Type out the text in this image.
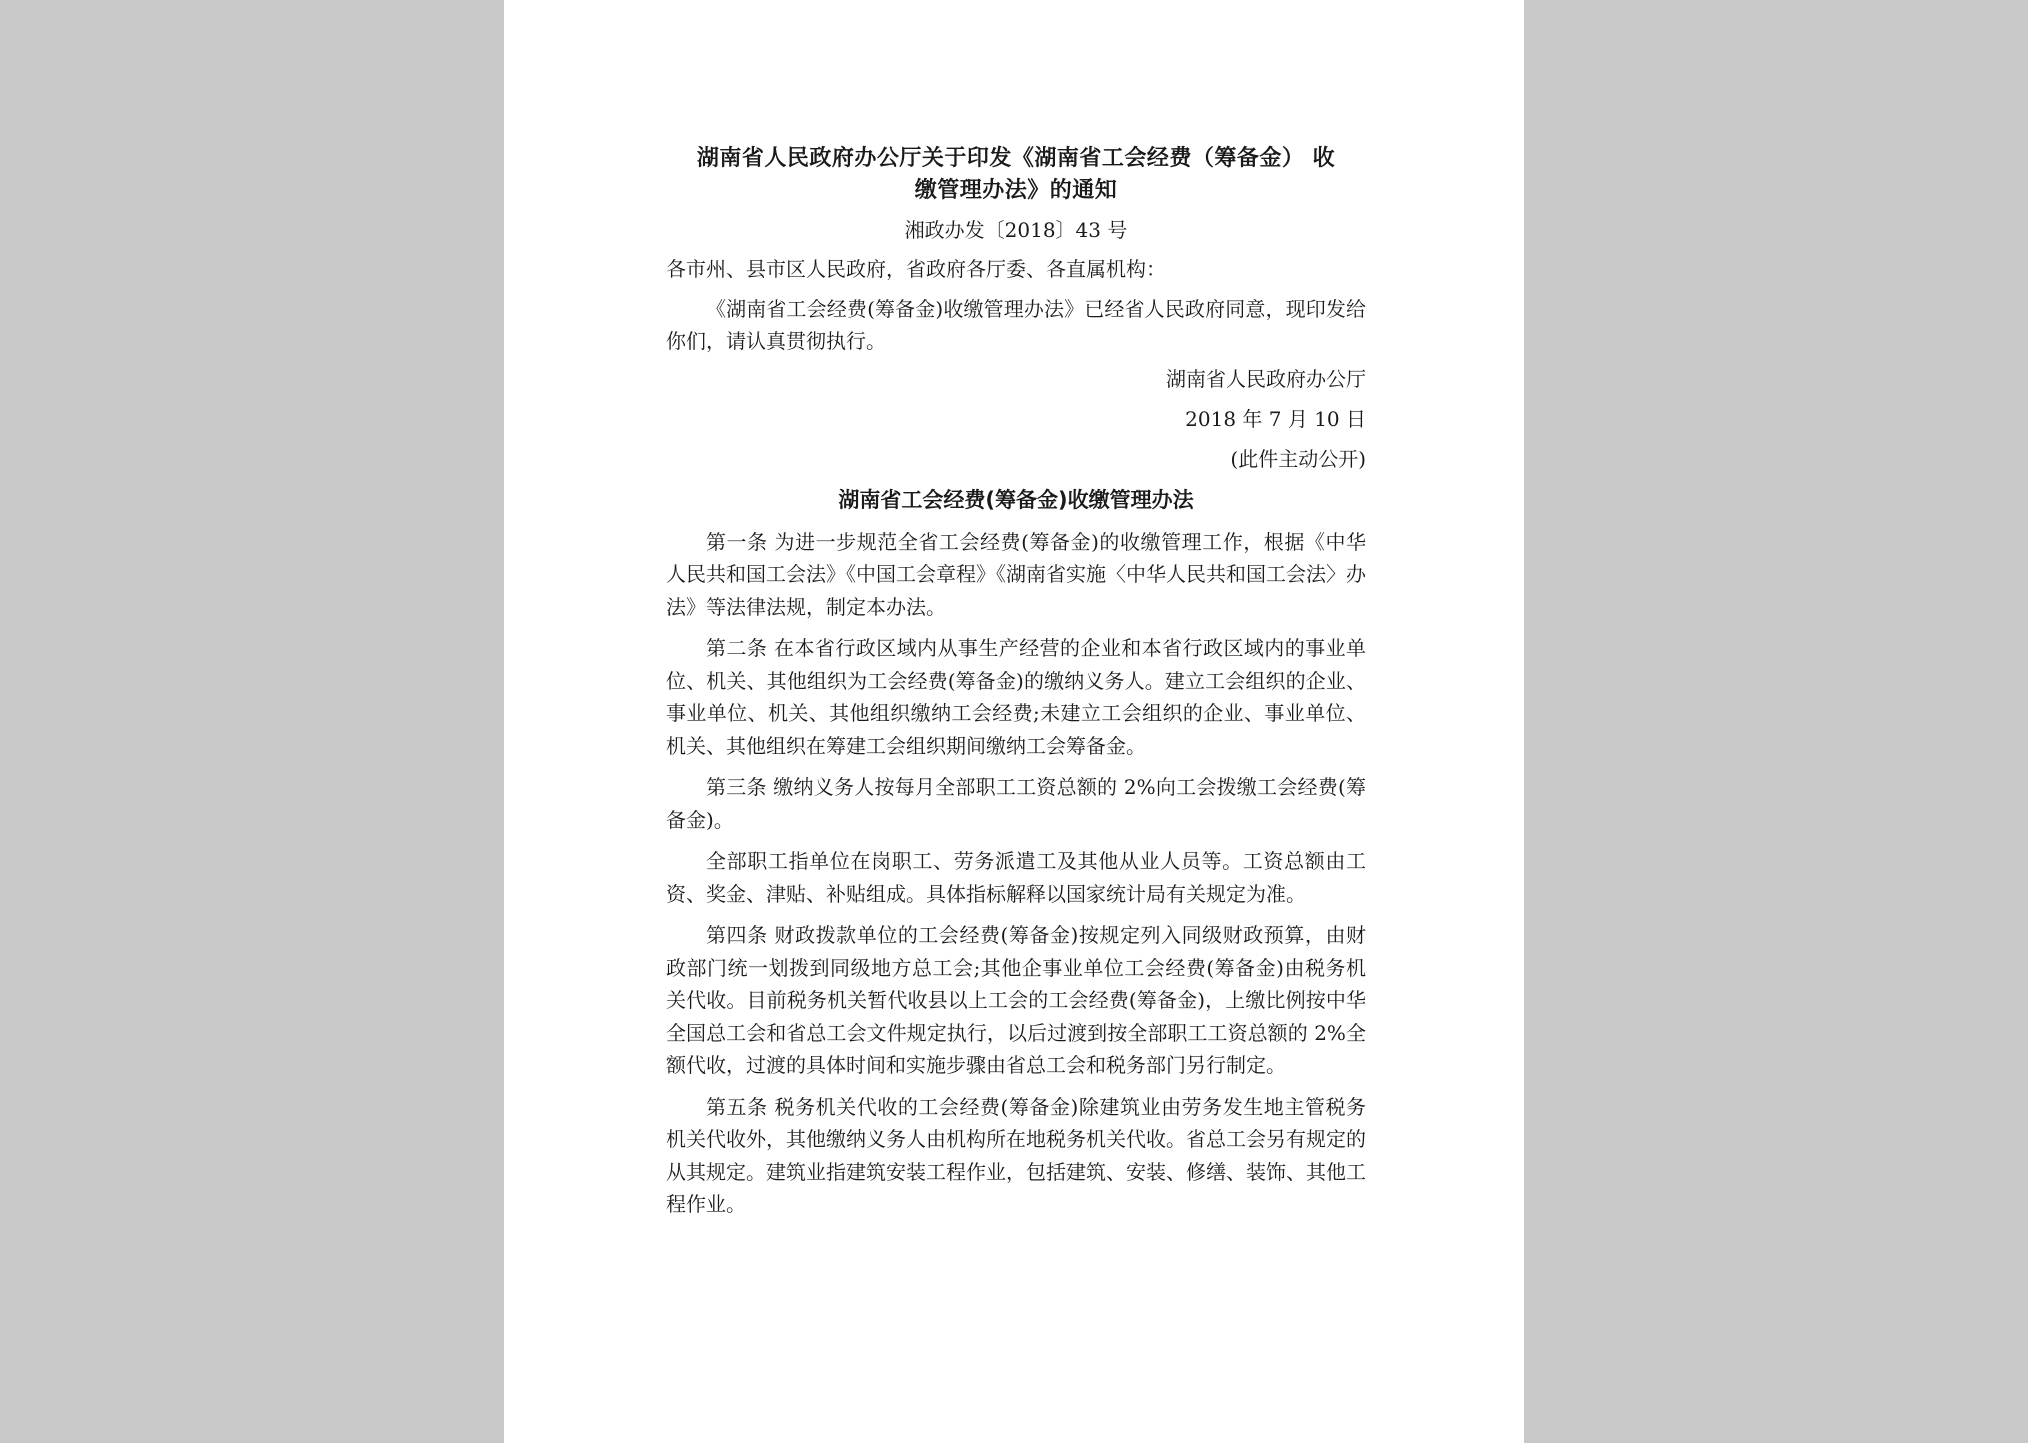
湖南省人民政府办公厅关于印发《湖南省工会经费（筹备金） 收
缴管理办法》的通知
湘政办发〔2018〕43 号

各市州、县市区人民政府，省政府各厅委、各直属机构：

《湖南省工会经费(筹备金)收缴管理办法》已经省人民政府同意，现印发给你们，请认真贯彻执行。

湖南省人民政府办公厅

2018 年 7 月 10 日

(此件主动公开)

湖南省工会经费(筹备金)收缴管理办法

第一条 为进一步规范全省工会经费(筹备金)的收缴管理工作，根据《中华人民共和国工会法》《中国工会章程》《湖南省实施〈中华人民共和国工会法〉办法》等法律法规，制定本办法。

第二条 在本省行政区域内从事生产经营的企业和本省行政区域内的事业单位、机关、其他组织为工会经费(筹备金)的缴纳义务人。建立工会组织的企业、事业单位、机关、其他组织缴纳工会经费;未建立工会组织的企业、事业单位、机关、其他组织在筹建工会组织期间缴纳工会筹备金。

第三条 缴纳义务人按每月全部职工工资总额的 2%向工会拨缴工会经费(筹备金)。

全部职工指单位在岗职工、劳务派遣工及其他从业人员等。工资总额由工资、奖金、津贴、补贴组成。具体指标解释以国家统计局有关规定为准。

第四条 财政拨款单位的工会经费(筹备金)按规定列入同级财政预算，由财政部门统一划拨到同级地方总工会;其他企事业单位工会经费(筹备金)由税务机关代收。目前税务机关暂代收县以上工会的工会经费(筹备金)，上缴比例按中华全国总工会和省总工会文件规定执行，以后过渡到按全部职工工资总额的 2%全额代收，过渡的具体时间和实施步骤由省总工会和税务部门另行制定。

第五条 税务机关代收的工会经费(筹备金)除建筑业由劳务发生地主管税务机关代收外，其他缴纳义务人由机构所在地税务机关代收。省总工会另有规定的从其规定。建筑业指建筑安装工程作业，包括建筑、安装、修缮、装饰、其他工程作业。
